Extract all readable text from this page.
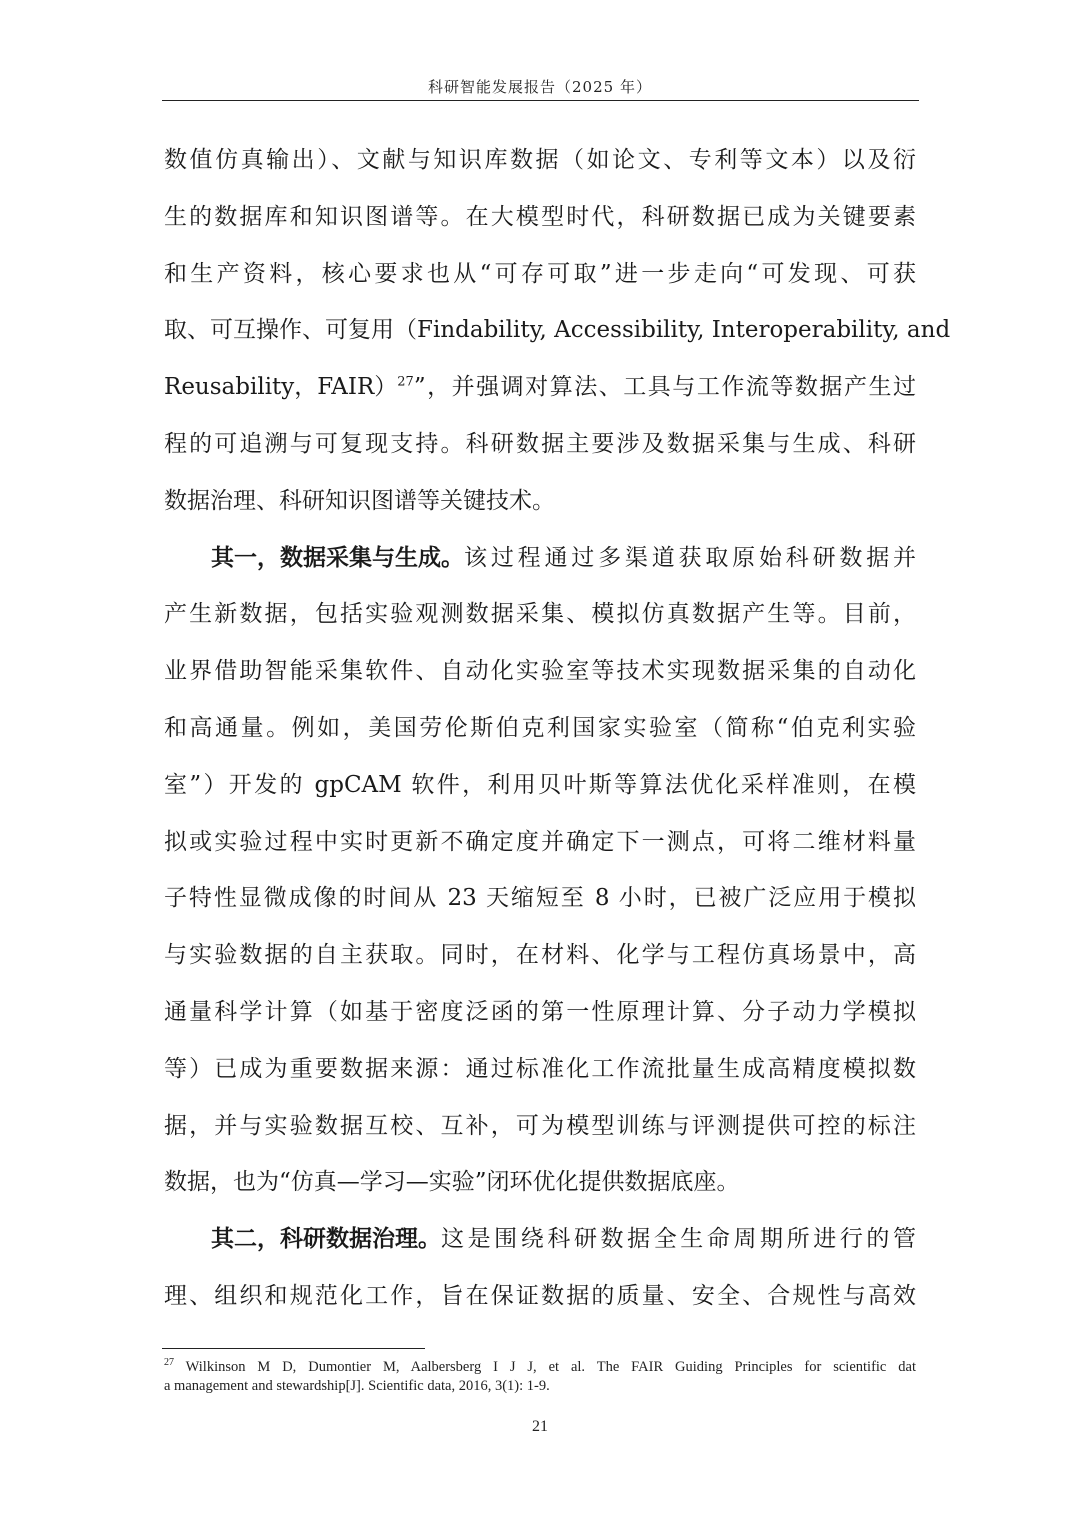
科研智能发展报告（2025 年）
数值仿真输出）、文献与知识库数据（如论文、专利等文本）以及衍
生的数据库和知识图谱等。在大模型时代，科研数据已成为关键要素
和生产资料，核心要求也从“可存可取”进一步走向“可发现、可获
取、可互操作、可复用（Findability, Accessibility, Interoperability, and
Reusability，FAIR）$^{27}$ ”，并强调对算法、工具与工作流等数据产生过
程的可追溯与可复现支持。科研数据主要涉及数据采集与生成、科研
数据治理、科研知识图谱等关键技术。
其一，数据采集与生成。 该过程通过多渠道获取原始科研数据并
产生新数据，包括实验观测数据采集、模拟仿真数据产生等。目前，
业界借助智能采集软件、自动化实验室等技术实现数据采集的自动化
和高通量。例如，美国劳伦斯伯克利国家实验室（简称“伯克利实验
室”）开发的 gpCAM 软件，利用贝叶斯等算法优化采样准则，在模
拟或实验过程中实时更新不确定度并确定下一测点，可将二维材料量
子特性显微成像的时间从 23 天缩短至 8 小时，已被广泛应用于模拟
与实验数据的自主获取。同时，在材料、化学与工程仿真场景中，高
通量科学计算（如基于密度泛函的第一性原理计算、分子动力学模拟
等）已成为重要数据来源：通过标准化工作流批量生成高精度模拟数
据，并与实验数据互校、互补，可为模型训练与评测提供可控的标注
数据，也为“仿真—学习—实验”闭环优化提供数据底座。
其二，科研数据治理。 这是围绕科研数据全生命周期所进行的管
理、组织和规范化工作，旨在保证数据的质量、安全、合规性与高效
$^{27}$ Wilkinson M D, Dumontier M, Aalbersberg I J J, et al. The FAIR Guiding Principles for scientific dat
a management and stewardship[J]. Scientific data, 2016, 3(1): 1-9.
21
